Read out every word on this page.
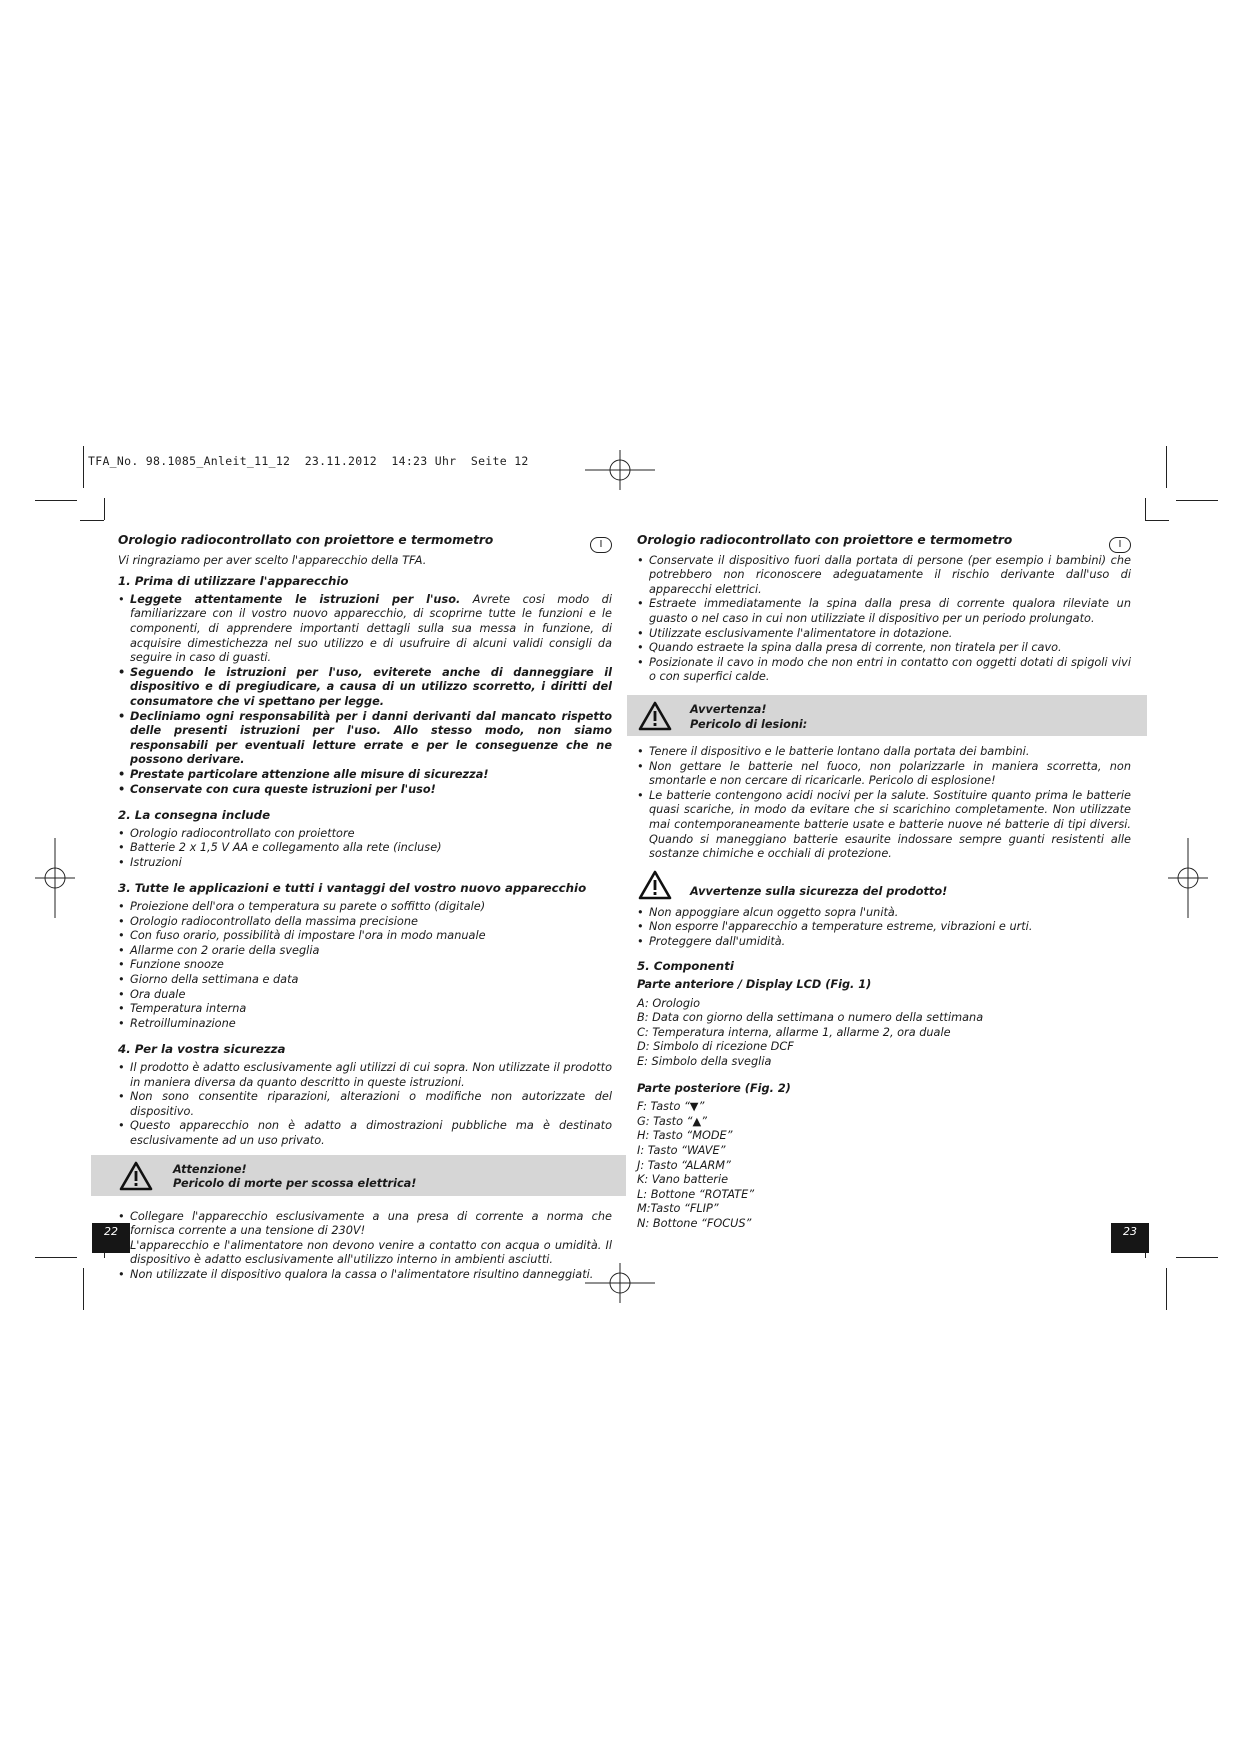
TFA_No. 98.1085_Anleit_11_12  23.11.2012  14:23 Uhr  Seite 12
Orologio radiocontrollato con proiettore e termometro	I

Vi ringraziamo per aver scelto l'apparecchio della TFA.

1. Prima di utilizzare l'apparecchio
• Leggete attentamente le istruzioni per l'uso. Avrete cosi modo di familiarizzare con il vostro nuovo apparecchio, di scoprirne tutte le funzioni e le componenti, di apprendere importanti dettagli sulla sua messa in funzione, di acquisire dimestichezza nel suo utilizzo e di usufruire di alcuni validi consigli da seguire in caso di guasti.
• Seguendo le istruzioni per l'uso, eviterete anche di danneggiare il dispositivo e di pregiudicare, a causa di un utilizzo scorretto, i diritti del consumatore che vi spettano per legge.
• Decliniamo ogni responsabilità per i danni derivanti dal mancato rispetto delle presenti istruzioni per l'uso. Allo stesso modo, non siamo responsabili per eventuali letture errate e per le conseguenze che ne possono derivare.
• Prestate particolare attenzione alle misure di sicurezza!
• Conservate con cura queste istruzioni per l'uso!
2. La consegna include
• Orologio radiocontrollato con proiettore
• Batterie 2 x 1,5 V AA e collegamento alla rete (incluse)
• Istruzioni
3. Tutte le applicazioni e tutti i vantaggi del vostro nuovo apparecchio
• Proiezione dell'ora o temperatura su parete o soffitto (digitale)
• Orologio radiocontrollato della massima precisione
• Con fuso orario, possibilità di impostare l'ora in modo manuale
• Allarme con 2 orarie della sveglia
• Funzione snooze
• Giorno della settimana e data
• Ora duale
• Temperatura interna
• Retroilluminazione
4. Per la vostra sicurezza
• Il prodotto è adatto esclusivamente agli utilizzi di cui sopra. Non utilizzate il prodotto in maniera diversa da quanto descritto in queste istruzioni.
• Non sono consentite riparazioni, alterazioni o modifiche non autorizzate del dispositivo.
• Questo apparecchio non è adatto a dimostrazioni pubbliche ma è destinato esclusivamente ad un uso privato.
Attenzione!
Pericolo di morte per scossa elettrica!
• Collegare l'apparecchio esclusivamente a una presa di corrente a norma che fornisca corrente a una tensione di 230V!
• L'apparecchio e l'alimentatore non devono venire a contatto con acqua o umidità. Il dispositivo è adatto esclusivamente all'utilizzo interno in ambienti asciutti.
• Non utilizzate il dispositivo qualora la cassa o l'alimentatore risultino danneggiati.
22
Orologio radiocontrollato con proiettore e termometro	I
• Conservate il dispositivo fuori dalla portata di persone (per esempio i bambini) che potrebbero non riconoscere adeguatamente il rischio derivante dall'uso di apparecchi elettrici.
• Estraete immediatamente la spina dalla presa di corrente qualora rileviate un guasto o nel caso in cui non utilizziate il dispositivo per un periodo prolungato.
• Utilizzate esclusivamente l'alimentatore in dotazione.
• Quando estraete la spina dalla presa di corrente, non tiratela per il cavo.
• Posizionate il cavo in modo che non entri in contatto con oggetti dotati di spigoli vivi o con superfici calde.
Avvertenza!
Pericolo di lesioni:
• Tenere il dispositivo e le batterie lontano dalla portata dei bambini.
• Non gettare le batterie nel fuoco, non polarizzarle in maniera scorretta, non smontarle e non cercare di ricaricarle. Pericolo di esplosione!
• Le batterie contengono acidi nocivi per la salute. Sostituire quanto prima le batterie quasi scariche, in modo da evitare che si scarichino completamente. Non utilizzate mai contemporaneamente batterie usate e batterie nuove né batterie di tipi diversi. Quando si maneggiano batterie esaurite indossare sempre guanti resistenti alle sostanze chimiche e occhiali di protezione.
Avvertenze sulla sicurezza del prodotto!
• Non appoggiare alcun oggetto sopra l'unità.
• Non esporre l'apparecchio a temperature estreme, vibrazioni e urti.
• Proteggere dall'umidità.
5. Componenti
Parte anteriore / Display LCD (Fig. 1)

A: Orologio

B: Data con giorno della settimana o numero della settimana

C: Temperatura interna, allarme 1, allarme 2, ora duale

D: Simbolo di ricezione DCF

E: Simbolo della sveglia

Parte posteriore (Fig. 2)

F: Tasto “▼”

G: Tasto “▲”

H: Tasto “MODE”

I: Tasto “WAVE”

J: Tasto “ALARM”

K: Vano batterie

L: Bottone “ROTATE”

M:Tasto “FLIP”

N: Bottone “FOCUS”

23
